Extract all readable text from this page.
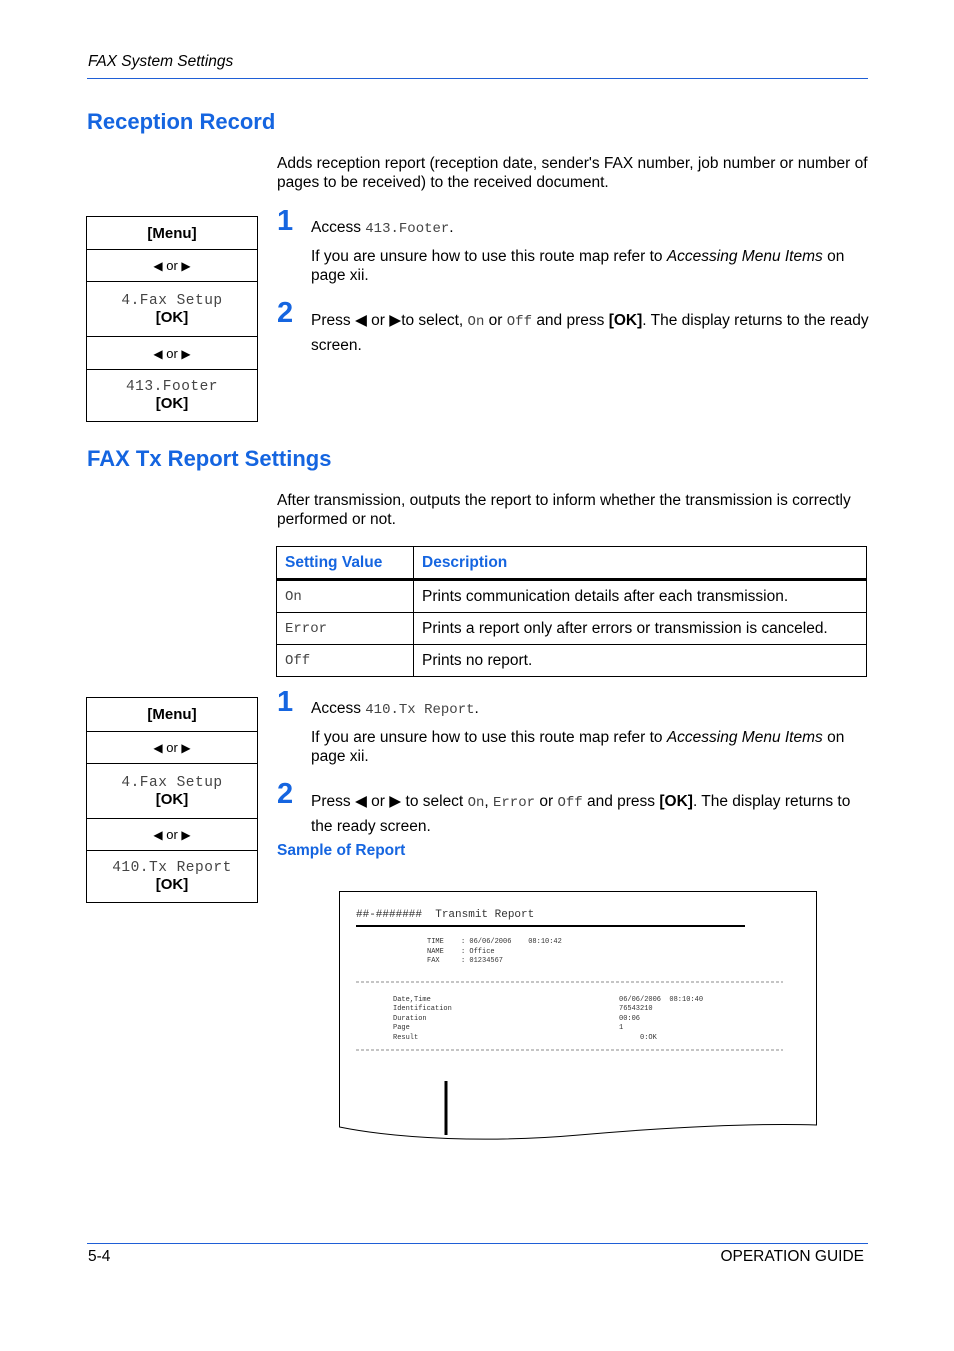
FAX System Settings
Reception Record
Adds reception report (reception date, sender's FAX number, job number or number of pages to be received) to the received document.
[Menu]
◀ or ▶
4.Fax Setup
[OK]
◀ or ▶
413.Footer
[OK]
1 Access 413.Footer.
If you are unsure how to use this route map refer to Accessing Menu Items on page xii.
2 Press ◀ or ▶to select, On or Off and press [OK]. The display returns to the ready screen.
FAX Tx Report Settings
After transmission, outputs the report to inform whether the transmission is correctly performed or not.
Setting Value	Description
On	Prints communication details after each transmission.
Error	Prints a report only after errors or transmission is canceled.
Off	Prints no report.
[Menu]
◀ or ▶
4.Fax Setup
[OK]
◀ or ▶
410.Tx Report
[OK]
1 Access 410.Tx Report.
If you are unsure how to use this route map refer to Accessing Menu Items on page xii.
2 Press ◀ or ▶ to select On, Error or Off and press [OK]. The display returns to the ready screen.
Sample of Report
##-#######  Transmit Report
TIME : 06/06/2006    08:10:42
NAME : Office
FAX	: 01234567
Date,Time	06/06/2006  08:10:40
Identification	76543210
Duration	00:06
Page	1
Result	0:OK
5-4	OPERATION GUIDE
